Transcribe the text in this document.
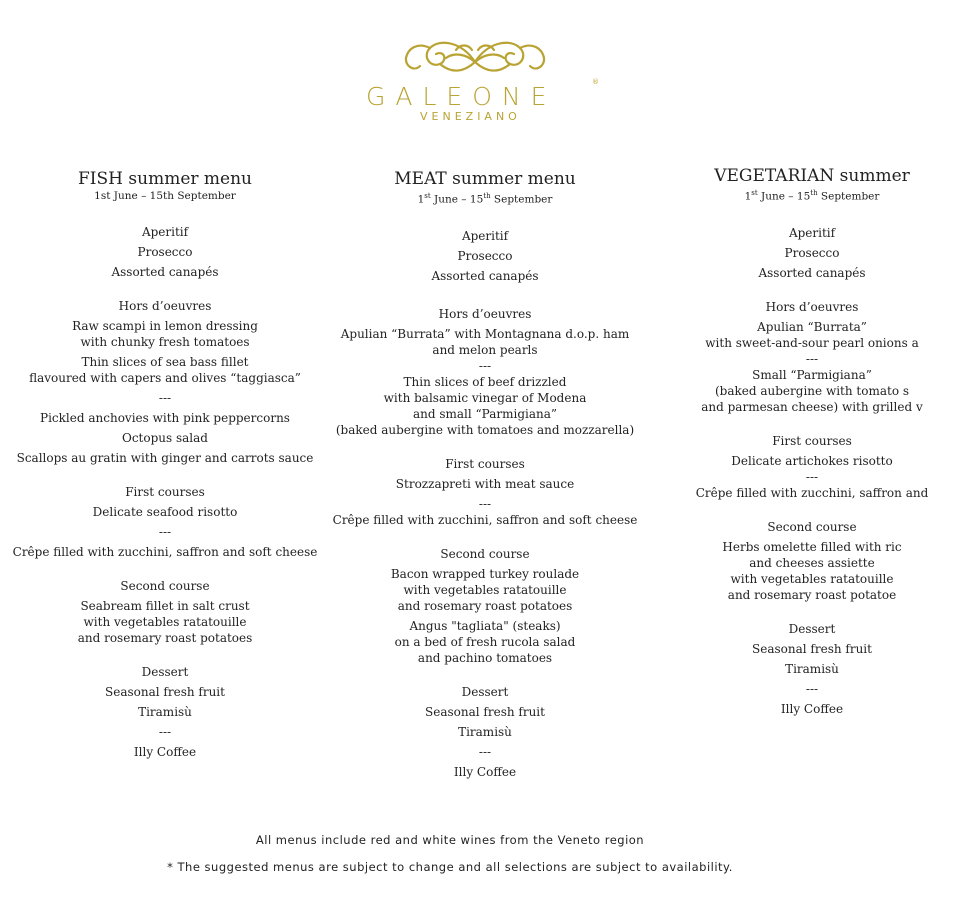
GALEONE	®
VENEZIANO
FISH summer menu
1st June – 15th September
Aperitif
Prosecco
Assorted canapés
Hors d’oeuvres
Raw scampi in lemon dressing
with chunky fresh tomatoes
Thin slices of sea bass fillet
flavoured with capers and olives “taggiasca”
---
Pickled anchovies with pink peppercorns
Octopus salad
Scallops au gratin with ginger and carrots sauce
First courses
Delicate seafood risotto
---
Crêpe filled with zucchini, saffron and soft cheese
Second course
Seabream fillet in salt crust
with vegetables ratatouille
and rosemary roast potatoes
Dessert
Seasonal fresh fruit
Tiramisù
---
Illy Coffee
MEAT summer menu
1st June – 15th September
Aperitif
Prosecco
Assorted canapés
Hors d’oeuvres
Apulian “Burrata” with Montagnana d.o.p. ham
and melon pearls
---
Thin slices of beef drizzled
with balsamic vinegar of Modena
and small “Parmigiana”
(baked aubergine with tomatoes and mozzarella)
First courses
Strozzapreti with meat sauce
---
Crêpe filled with zucchini, saffron and soft cheese
Second course
Bacon wrapped turkey roulade
with vegetables ratatouille
and rosemary roast potatoes
Angus "tagliata" (steaks)
on a bed of fresh rucola salad
and pachino tomatoes
Dessert
Seasonal fresh fruit
Tiramisù
---
Illy Coffee
VEGETARIAN summer
1st June – 15th September
Aperitif
Prosecco
Assorted canapés
Hors d’oeuvres
Apulian “Burrata”
with sweet-and-sour pearl onions a
---
Small “Parmigiana”
(baked aubergine with tomato s
and parmesan cheese) with grilled v
First courses
Delicate artichokes risotto
---
Crêpe filled with zucchini, saffron and
Second course
Herbs omelette filled with ric
and cheeses assiette
with vegetables ratatouille
and rosemary roast potatoe
Dessert
Seasonal fresh fruit
Tiramisù
---
Illy Coffee
All menus include red and white wines from the Veneto region
* The suggested menus are subject to change and all selections are subject to availability.
